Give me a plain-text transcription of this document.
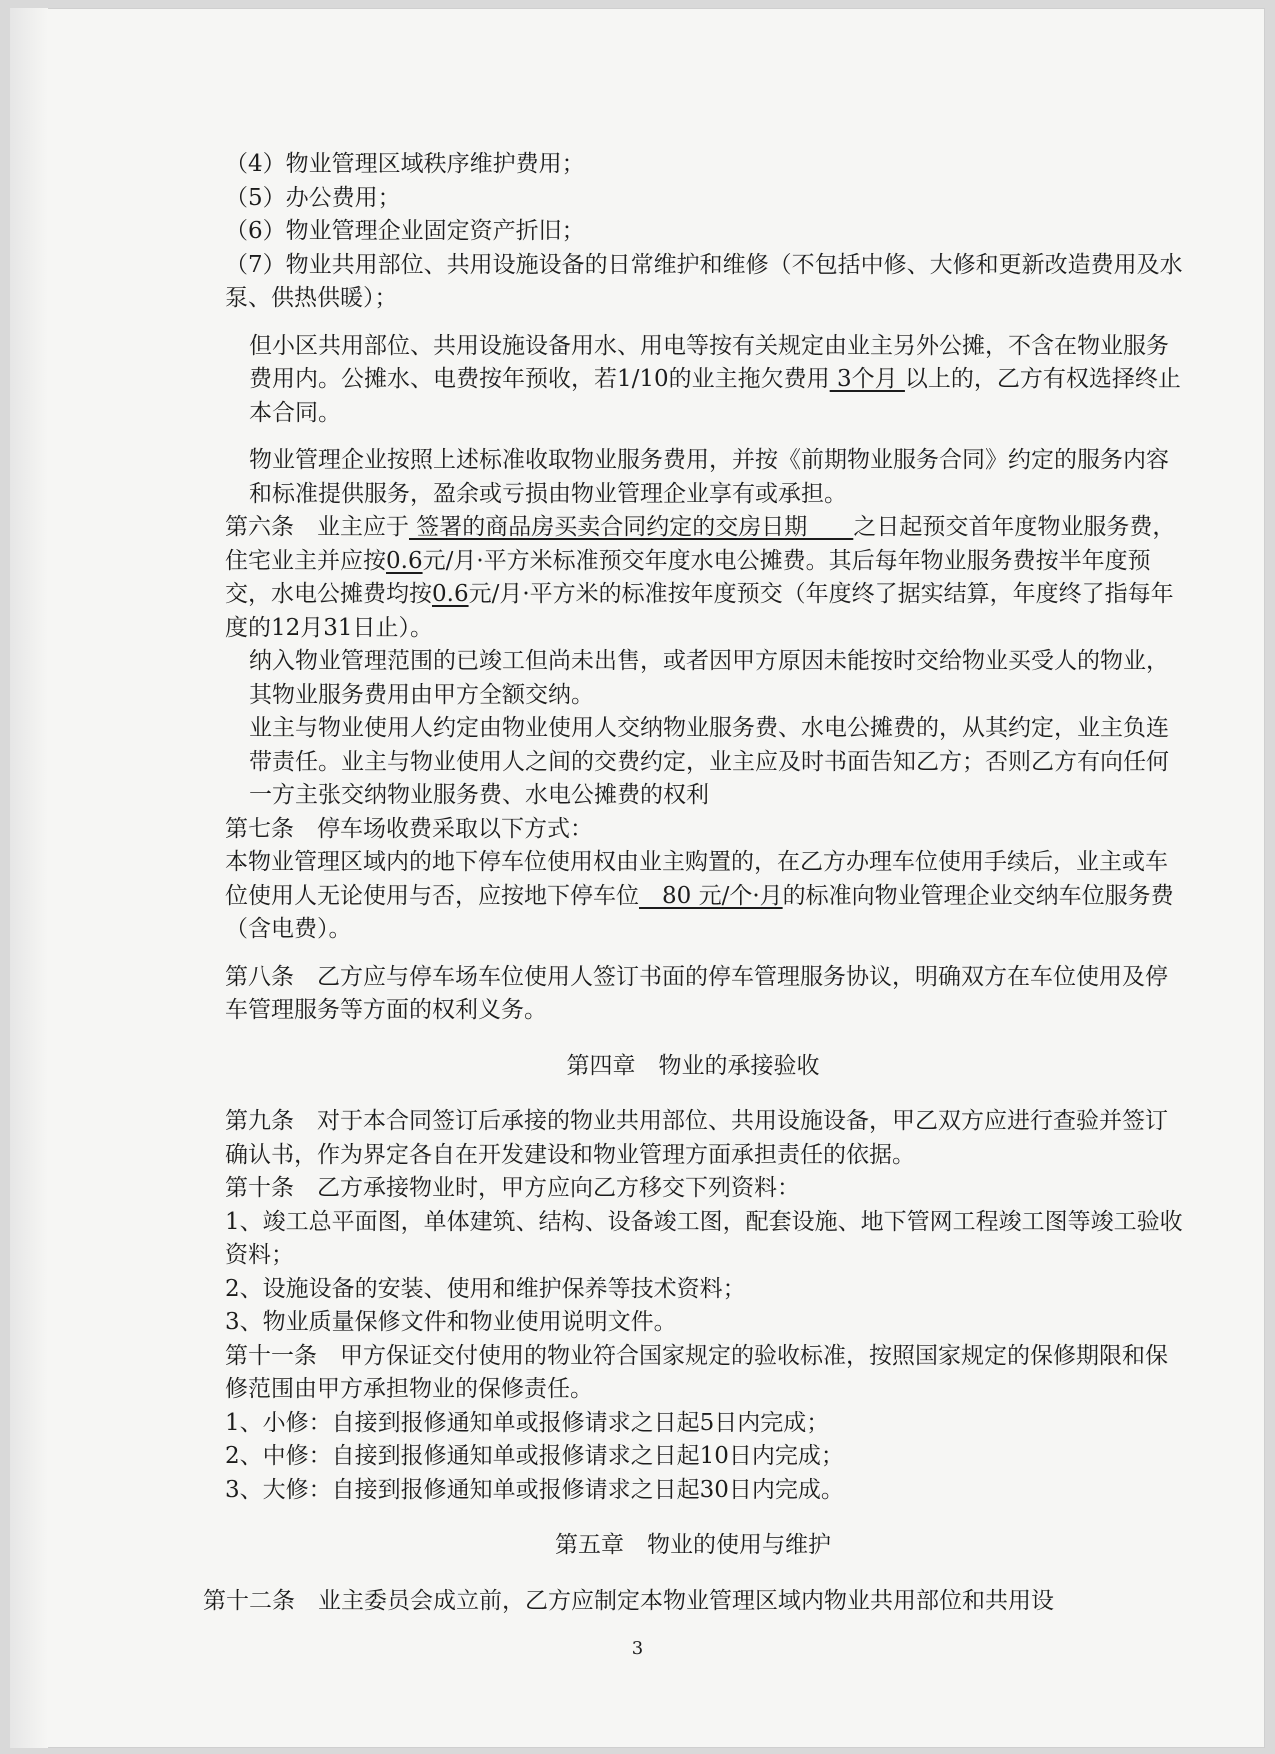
（4）物业管理区域秩序维护费用；

（5）办公费用；

（6）物业管理企业固定资产折旧；

（7）物业共用部位、共用设施设备的日常维护和维修（不包括中修、大修和更新改造费用及水泵、供热供暖）；

但小区共用部位、共用设施设备用水、用电等按有关规定由业主另外公摊，不含在物业服务费用内。公摊水、电费按年预收，若1/10的业主拖欠费用 3个月 以上的，乙方有权选择终止本合同。

物业管理企业按照上述标准收取物业服务费用，并按《前期物业服务合同》约定的服务内容和标准提供服务，盈余或亏损由物业管理企业享有或承担。

第六条　业主应于 签署的商品房买卖合同约定的交房日期　　之日起预交首年度物业服务费，住宅业主并应按0.6元/月·平方米标准预交年度水电公摊费。其后每年物业服务费按半年度预交，水电公摊费均按0.6元/月·平方米的标准按年度预交（年度终了据实结算，年度终了指每年度的12月31日止）。

纳入物业管理范围的已竣工但尚未出售，或者因甲方原因未能按时交给物业买受人的物业，其物业服务费用由甲方全额交纳。

业主与物业使用人约定由物业使用人交纳物业服务费、水电公摊费的，从其约定，业主负连带责任。业主与物业使用人之间的交费约定，业主应及时书面告知乙方；否则乙方有向任何一方主张交纳物业服务费、水电公摊费的权利

第七条　停车场收费采取以下方式：

本物业管理区域内的地下停车位使用权由业主购置的，在乙方办理车位使用手续后，业主或车位使用人无论使用与否，应按地下停车位　80 元/个·月的标准向物业管理企业交纳车位服务费（含电费）。

第八条　乙方应与停车场车位使用人签订书面的停车管理服务协议，明确双方在车位使用及停车管理服务等方面的权利义务。

第四章　物业的承接验收

第九条　对于本合同签订后承接的物业共用部位、共用设施设备，甲乙双方应进行查验并签订确认书，作为界定各自在开发建设和物业管理方面承担责任的依据。

第十条　乙方承接物业时，甲方应向乙方移交下列资料：

1、竣工总平面图，单体建筑、结构、设备竣工图，配套设施、地下管网工程竣工图等竣工验收资料；

2、设施设备的安装、使用和维护保养等技术资料；

3、物业质量保修文件和物业使用说明文件。

第十一条　甲方保证交付使用的物业符合国家规定的验收标准，按照国家规定的保修期限和保修范围由甲方承担物业的保修责任。

1、小修：自接到报修通知单或报修请求之日起5日内完成；

2、中修：自接到报修通知单或报修请求之日起10日内完成；

3、大修：自接到报修通知单或报修请求之日起30日内完成。

第五章　物业的使用与维护

第十二条　业主委员会成立前，乙方应制定本物业管理区域内物业共用部位和共用设

3
